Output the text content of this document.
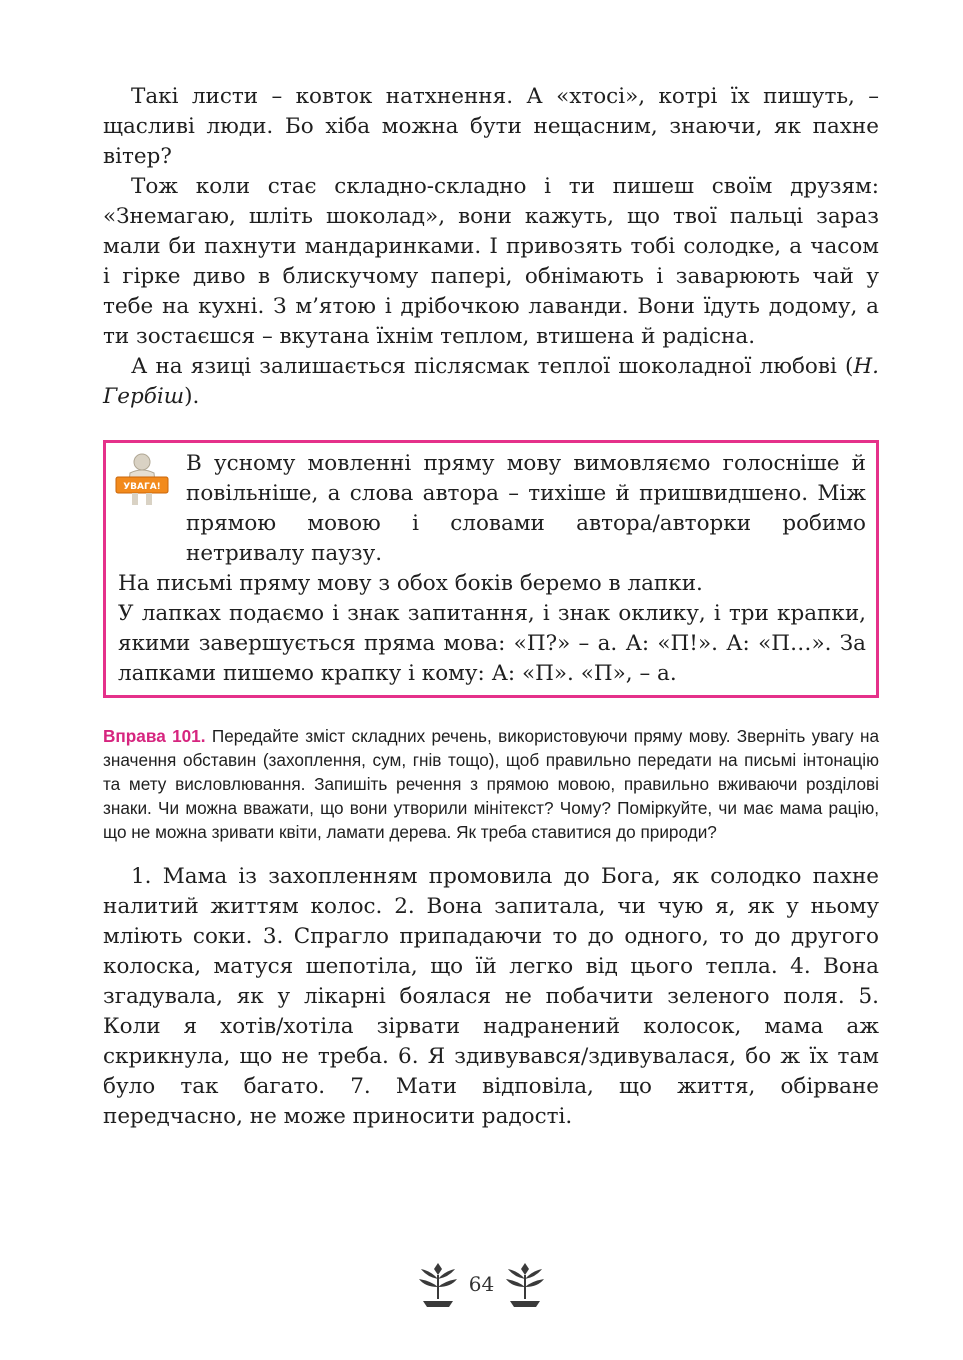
Такі листи – ковток натхнення. А «хтосі», котрі їх пишуть, – щасливі люди. Бо хіба можна бути нещасним, знаючи, як пахне вітер?

Тож коли стає складно-складно і ти пишеш своїм друзям: «Знемагаю, шліть шоколад», вони кажуть, що твої пальці зараз мали би пахнути мандаринками. І привозять тобі солодке, а часом і гірке диво в блискучому папері, обнімають і заварюють чай у тебе на кухні. З м’ятою і дрібочкою лаванди. Вони їдуть додому, а ти зостаєшся – вкутана їхнім теплом, втишена й радісна.

А на язиці залишається післясмак теплої шоколадної любові (Н. Гербіш).

УВАГА!

В усному мовленні пряму мову вимовляємо голосніше й повільніше, а слова автора – тихіше й пришвидшено. Між прямою мовою і словами автора/авторки робимо нетривалу паузу.

На письмі пряму мову з обох боків беремо в лапки.

У лапках подаємо і знак запитання, і знак оклику, і три крапки, якими завершується пряма мова: «П?» – а. А: «П!». А: «П…». За лапками пишемо крапку і кому: А: «П». «П», – а.

Вправа 101. Передайте зміст складних речень, використовуючи пряму мову. Зверніть увагу на значення обставин (захоплення, сум, гнів тощо), щоб правильно передати на письмі інтонацію та мету висловлювання. Запишіть речення з прямою мовою, правильно вживаючи розділові знаки. Чи можна вважати, що вони утворили мінітекст? Чому? Поміркуйте, чи має мама рацію, що не можна зривати квіти, ламати дерева. Як треба ставитися до природи?

1. Мама із захопленням промовила до Бога, як солодко пахне налитий життям колос. 2. Вона запитала, чи чую я, як у ньому мліють соки. 3. Спрагло припадаючи то до одного, то до другого колоска, матуся шепотіла, що їй легко від цього тепла. 4. Вона згадувала, як у лікарні боялася не побачити зеленого поля. 5. Коли я хотів/хотіла зірвати надранений колосок, мама аж скрикнула, що не треба. 6. Я здивувався/здивувалася, бо ж їх там було так багато. 7. Мати відповіла, що життя, обірване передчасно, не може приносити радості.

64
